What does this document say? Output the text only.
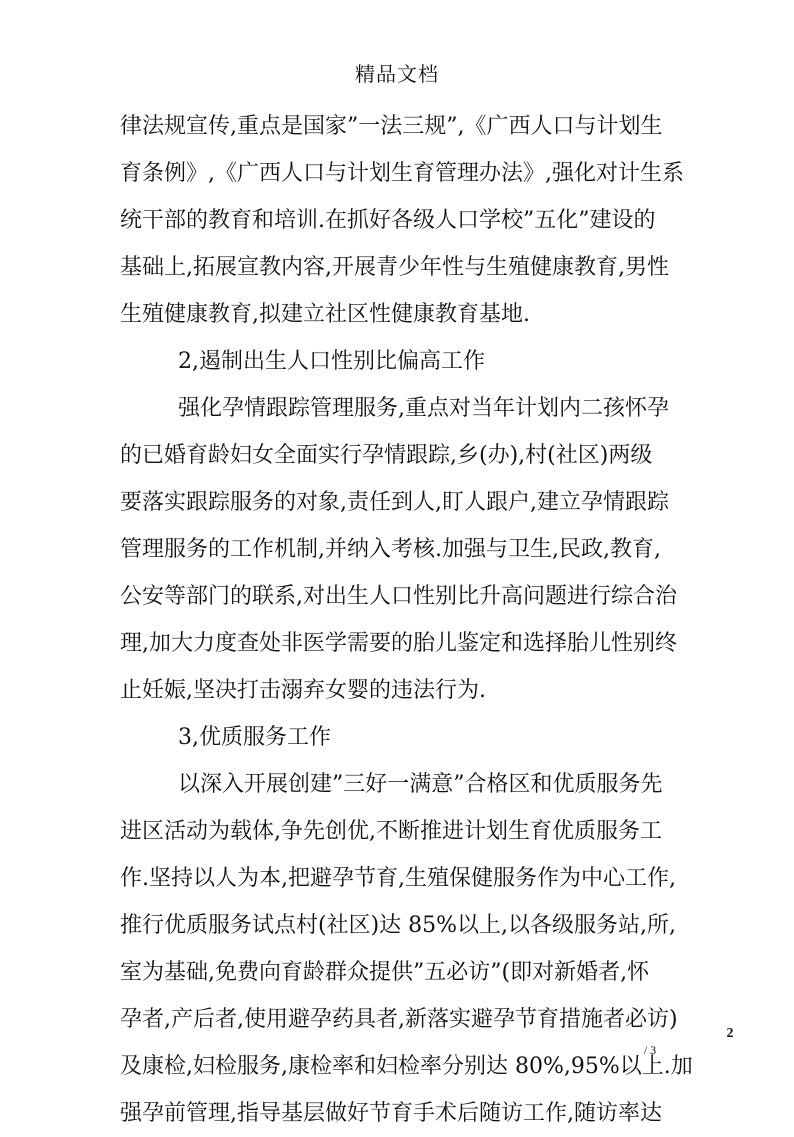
精品文档
律法规宣传,重点是国家”一法三规”,《广西人口与计划生
育条例》,《广西人口与计划生育管理办法》,强化对计生系
统干部的教育和培训.在抓好各级人口学校”五化”建设的
基础上,拓展宣教内容,开展青少年性与生殖健康教育,男性
生殖健康教育,拟建立社区性健康教育基地.
2,遏制出生人口性别比偏高工作
强化孕情跟踪管理服务,重点对当年计划内二孩怀孕
的已婚育龄妇女全面实行孕情跟踪,乡(办),村(社区)两级
要落实跟踪服务的对象,责任到人,盯人跟户,建立孕情跟踪
管理服务的工作机制,并纳入考核.加强与卫生,民政,教育,
公安等部门的联系,对出生人口性别比升高问题进行综合治
理,加大力度查处非医学需要的胎儿鉴定和选择胎儿性别终
止妊娠,坚决打击溺弃女婴的违法行为.
3,优质服务工作
以深入开展创建”三好一满意”合格区和优质服务先
进区活动为载体,争先创优,不断推进计划生育优质服务工
作.坚持以人为本,把避孕节育,生殖保健服务作为中心工作,
推行优质服务试点村(社区)达 85%以上,以各级服务站,所,
室为基础,免费向育龄群众提供”五必访”(即对新婚者,怀
孕者,产后者,使用避孕药具者,新落实避孕节育措施者必访)
及康检,妇检服务,康检率和妇检率分别达 80%,95%以上.加
强孕前管理,指导基层做好节育手术后随访工作,随访率达
2
/ 3
